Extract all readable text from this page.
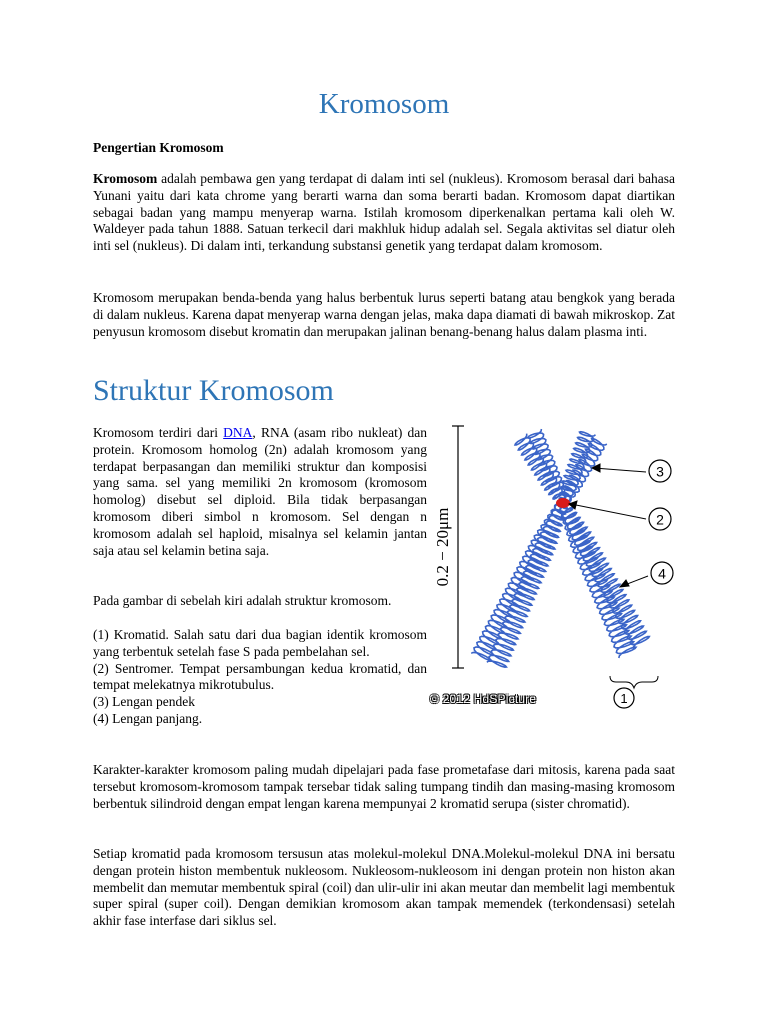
Kromosom
Pengertian Kromosom

Kromosom adalah pembawa gen yang terdapat di dalam inti sel (nukleus). Kromosom berasal dari bahasa Yunani yaitu dari kata chrome yang berarti warna dan soma berarti badan. Kromosom dapat diartikan sebagai badan yang mampu menyerap warna. Istilah kromosom diperkenalkan pertama kali oleh W. Waldeyer pada tahun 1888. Satuan terkecil dari makhluk hidup adalah sel. Segala aktivitas sel diatur oleh inti sel (nukleus). Di dalam inti, terkandung substansi genetik yang terdapat dalam kromosom.

Kromosom merupakan benda-benda yang halus berbentuk lurus seperti batang atau bengkok yang berada di dalam nukleus. Karena dapat menyerap warna dengan jelas, maka dapa diamati di bawah mikroskop. Zat penyusun kromosom disebut kromatin dan merupakan jalinan benang-benang halus dalam plasma inti.

Struktur Kromosom

Kromosom terdiri dari DNA, RNA (asam ribo nukleat) dan protein. Kromosom homolog (2n) adalah kromosom yang terdapat berpasangan dan memiliki struktur dan komposisi yang sama. sel yang memiliki 2n kromosom (kromosom homolog) disebut sel diploid. Bila tidak berpasangan kromosom diberi simbol n kromosom. Sel dengan n kromosom adalah sel haploid, misalnya sel kelamin jantan saja atau sel kelamin betina saja.

Pada gambar di sebelah kiri adalah struktur kromosom.

(1) Kromatid. Salah satu dari dua bagian identik kromosom yang terbentuk setelah fase S pada pembelahan sel.
(2) Sentromer. Tempat persambungan kedua kromatid, dan tempat melekatnya mikrotubulus.
(3) Lengan pendek
(4) Lengan panjang.
0.2 − 20μm
3
2
4
1
© 2012 HdSPicture

Karakter-karakter kromosom paling mudah dipelajari pada fase prometafase dari mitosis, karena pada saat tersebut kromosom-kromosom tampak tersebar tidak saling tumpang tindih dan masing-masing kromosom berbentuk silindroid dengan empat lengan karena mempunyai 2 kromatid serupa (sister chromatid).

Setiap kromatid pada kromosom tersusun atas molekul-molekul DNA.Molekul-molekul DNA ini bersatu dengan protein histon membentuk nukleosom. Nukleosom-nukleosom ini dengan protein non histon akan membelit dan memutar membentuk spiral (coil) dan ulir-ulir ini akan meutar dan membelit lagi membentuk super spiral (super coil). Dengan demikian kromosom akan tampak memendek (terkondensasi) setelah akhir fase interfase dari siklus sel.
